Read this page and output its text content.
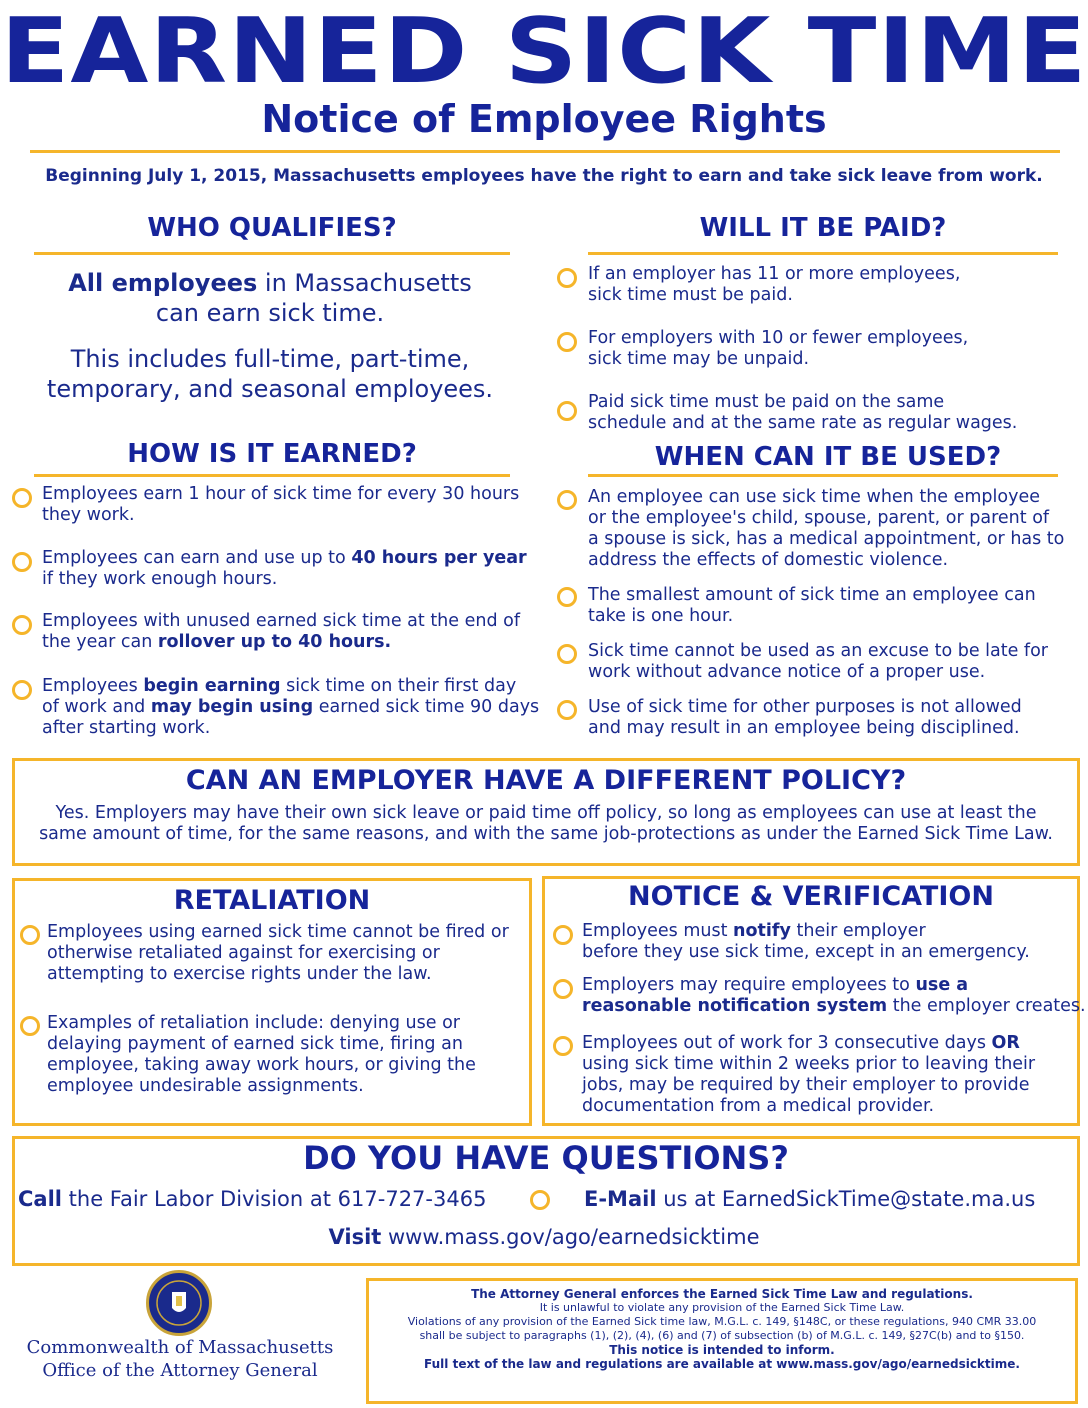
EARNED SICK TIME
Notice of Employee Rights
Beginning July 1, 2015, Massachusetts employees have the right to earn and take sick leave from work.
WHO QUALIFIES?
All employees in Massachusetts
can earn sick time.
This includes full-time, part-time,
temporary, and seasonal employees.
WILL IT BE PAID?
If an employer has 11 or more employees,
sick time must be paid.
For employers with 10 or fewer employees,
sick time may be unpaid.
Paid sick time must be paid on the same
schedule and at the same rate as regular wages.
HOW IS IT EARNED?
Employees earn 1 hour of sick time for every 30 hours
they work.
Employees can earn and use up to 40 hours per year
if they work enough hours.
Employees with unused earned sick time at the end of
the year can rollover up to 40 hours.
Employees begin earning sick time on their first day
of work and may begin using earned sick time 90 days
after starting work.
WHEN CAN IT BE USED?
An employee can use sick time when the employee
or the employee's child, spouse, parent, or parent of
a spouse is sick, has a medical appointment, or has to
address the effects of domestic violence.
The smallest amount of sick time an employee can
take is one hour.
Sick time cannot be used as an excuse to be late for
work without advance notice of a proper use.
Use of sick time for other purposes is not allowed
and may result in an employee being disciplined.
CAN AN EMPLOYER HAVE A DIFFERENT POLICY?
Yes. Employers may have their own sick leave or paid time off policy, so long as employees can use at least the
same amount of time, for the same reasons, and with the same job-protections as under the Earned Sick Time Law.
RETALIATION
Employees using earned sick time cannot be fired or
otherwise retaliated against for exercising or
attempting to exercise rights under the law.
Examples of retaliation include: denying use or
delaying payment of earned sick time, firing an
employee, taking away work hours, or giving the
employee undesirable assignments.
NOTICE & VERIFICATION
Employees must notify their employer
before they use sick time, except in an emergency.
Employers may require employees to use a
reasonable notification system the employer creates.
Employees out of work for 3 consecutive days OR
using sick time within 2 weeks prior to leaving their
jobs, may be required by their employer to provide
documentation from a medical provider.
DO YOU HAVE QUESTIONS?
Call the Fair Labor Division at 617-727-3465	E-Mail us at EarnedSickTime@state.ma.us
Visit www.mass.gov/ago/earnedsicktime
Commonwealth of Massachusetts
Office of the Attorney General
The Attorney General enforces the Earned Sick Time Law and regulations.
It is unlawful to violate any provision of the Earned Sick Time Law.
Violations of any provision of the Earned Sick time law, M.G.L. c. 149, §148C, or these regulations, 940 CMR 33.00
shall be subject to paragraphs (1), (2), (4), (6) and (7) of subsection (b) of M.G.L. c. 149, §27C(b) and to §150.
This notice is intended to inform.
Full text of the law and regulations are available at www.mass.gov/ago/earnedsicktime.
